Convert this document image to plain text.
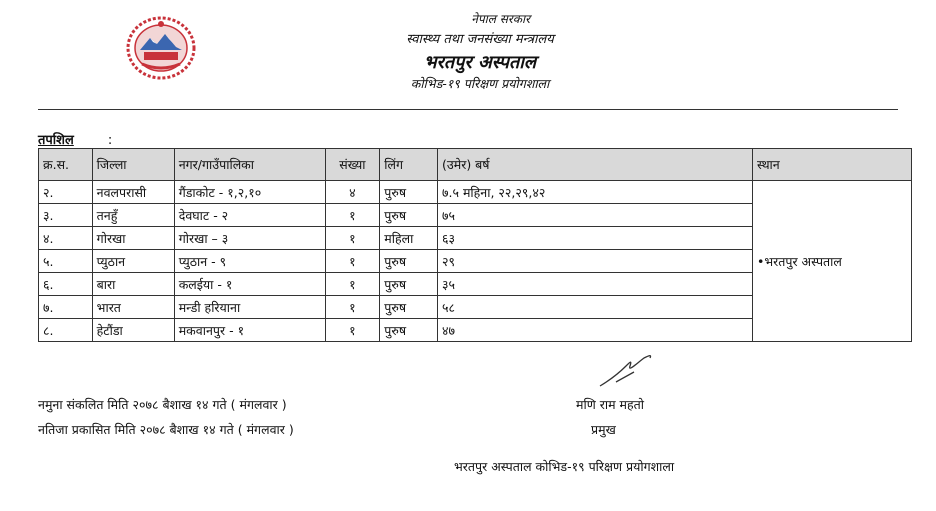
नेपाल सरकार
स्वास्थ्य तथा जनसंख्या मन्त्रालय
भरतपुर अस्पताल
कोभिड-१९ परिक्षण प्रयोगशाला
तपशिल	:
क्र.स.	जिल्ला	नगर/गाउँपालिका	संख्या	लिंग	(उमेर) बर्ष	स्थान
२.	नवलपरासी	गैंडाकोट - १,२,१०	४	पुरुष	७.५ महिना, २२,२९,४२	•भरतपुर अस्पताल
३.	तनहुँ	देवघाट - २	१	पुरुष	७५	
४.	गोरखा	गोरखा – ३	१	महिला	६३	
५.	प्युठान	प्युठान - ९	१	पुरुष	२९	
६.	बारा	कलईया - १	१	पुरुष	३५	
७.	भारत	मन्डी हरियाना	१	पुरुष	५८	
८.	हेटौंडा	मकवानपुर - १	१	पुरुष	४७	
नमुना संकलित मिति २०७८ बैशाख १४ गते ( मंगलवार )
नतिजा प्रकासित मिति २०७८ बैशाख १४ गते ( मंगलवार )
मणि राम महतो
प्रमुख
भरतपुर अस्पताल कोभिड-१९ परिक्षण प्रयोगशाला
